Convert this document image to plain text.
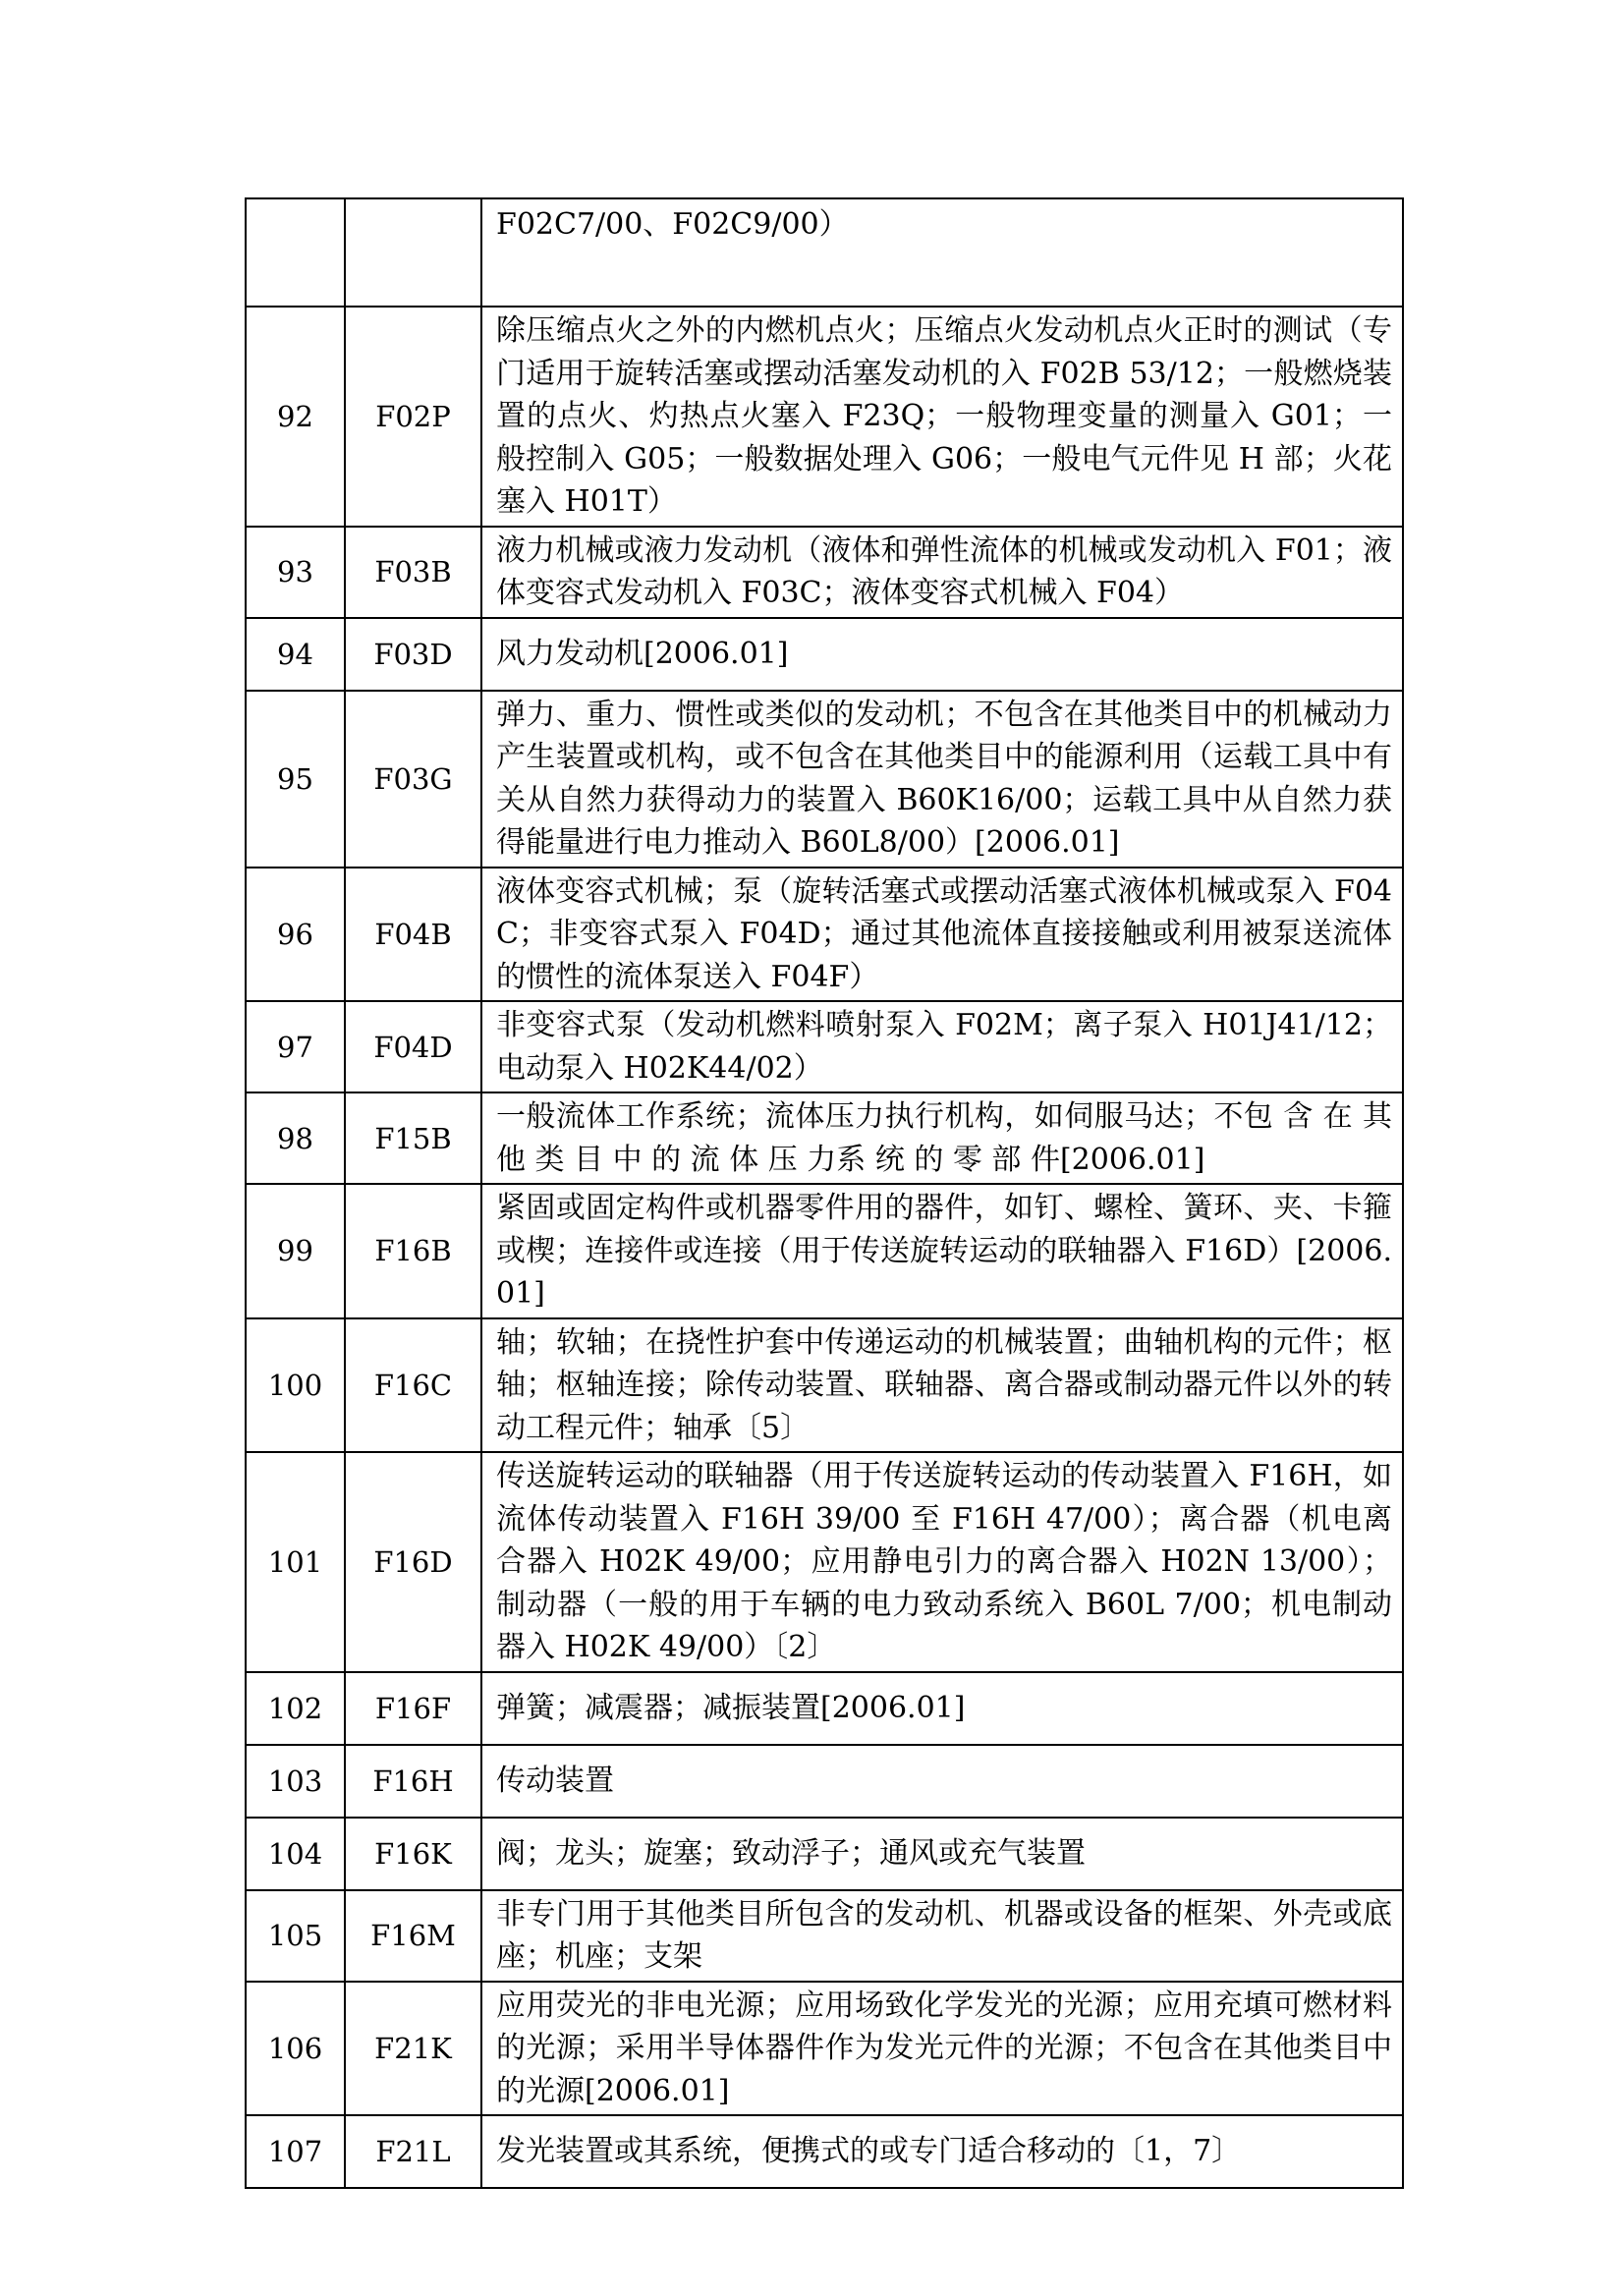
		F02C7/00、F02C9/00）
92	F02P	除压缩点火之外的内燃机点火；压缩点火发动机点火正时的测试（专门适用于旋转活塞或摆动活塞发动机的入 F02B 53/12；一般燃烧装置的点火、灼热点火塞入 F23Q；一般物理变量的测量入 G01；一般控制入 G05；一般数据处理入 G06；一般电气元件见 H 部；火花塞入 H01T）
93	F03B	液力机械或液力发动机（液体和弹性流体的机械或发动机入 F01；液体变容式发动机入 F03C；液体变容式机械入 F04）
94	F03D	风力发动机[2006.01]
95	F03G	弹力、重力、惯性或类似的发动机；不包含在其他类目中的机械动力产生装置或机构，或不包含在其他类目中的能源利用（运载工具中有关从自然力获得动力的装置入 B60K16/00；运载工具中从自然力获得能量进行电力推动入 B60L8/00）[2006.01]
96	F04B	液体变容式机械；泵（旋转活塞式或摆动活塞式液体机械或泵入 F04C；非变容式泵入 F04D；通过其他流体直接接触或利用被泵送流体的惯性的流体泵送入 F04F）
97	F04D	非变容式泵（发动机燃料喷射泵入 F02M；离子泵入 H01J41/12；电动泵入 H02K44/02）
98	F15B	一般流体工作系统；流体压力执行机构，如伺服马达；不包 含 在 其他 类 目 中 的 流 体 压 力系 统 的 零 部 件[2006.01]
99	F16B	紧固或固定构件或机器零件用的器件，如钉、螺栓、簧环、夹、卡箍或楔；连接件或连接（用于传送旋转运动的联轴器入 F16D）[2006.01]
100	F16C	轴；软轴；在挠性护套中传递运动的机械装置；曲轴机构的元件；枢轴；枢轴连接；除传动装置、联轴器、离合器或制动器元件以外的转动工程元件；轴承〔5〕
101	F16D	传送旋转运动的联轴器（用于传送旋转运动的传动装置入 F16H，如流体传动装置入 F16H 39/00 至 F16H 47/00）；离合器（机电离合器入 H02K 49/00；应用静电引力的离合器入 H02N 13/00）；制动器（一般的用于车辆的电力致动系统入 B60L 7/00；机电制动器入 H02K 49/00）〔2〕
102	F16F	弹簧；减震器；减振装置[2006.01]
103	F16H	传动装置
104	F16K	阀；龙头；旋塞；致动浮子；通风或充气装置
105	F16M	非专门用于其他类目所包含的发动机、机器或设备的框架、外壳或底座；机座；支架
106	F21K	应用荧光的非电光源；应用场致化学发光的光源；应用充填可燃材料的光源；采用半导体器件作为发光元件的光源；不包含在其他类目中的光源[2006.01]
107	F21L	发光装置或其系统，便携式的或专门适合移动的〔1，7〕
